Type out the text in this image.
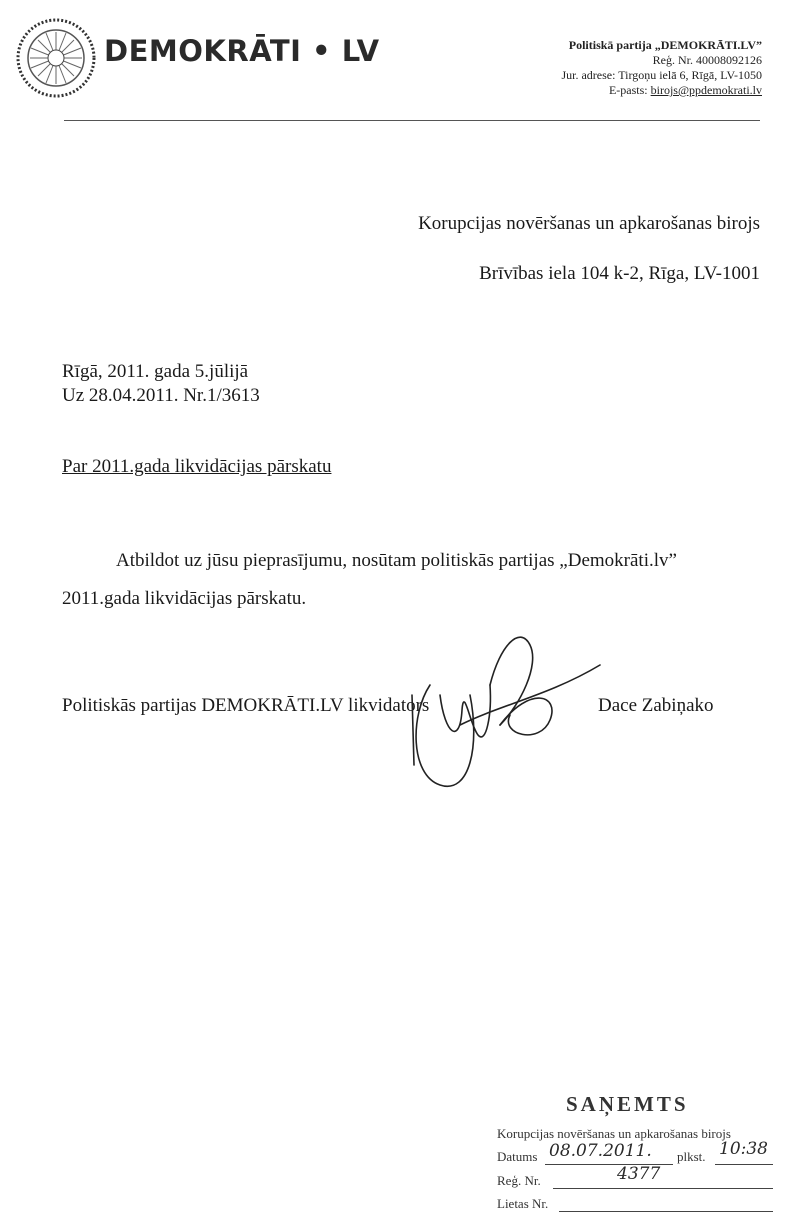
DEMOKRĀTI • LV	Politiskā partija „DEMOKRĀTI.LV”
Reģ. Nr. 40008092126
Jur. adrese: Tirgoņu ielā 6, Rīgā, LV-1050
E-pasts: birojs@ppdemokrati.lv
Korupcijas novēršanas un apkarošanas birojs
Brīvības iela 104 k-2, Rīga, LV-1001
Rīgā, 2011. gada 5.jūlijā
Uz 28.04.2011. Nr.1/3613
Par 2011.gada likvidācijas pārskatu
Atbildot uz jūsu pieprasījumu, nosūtam politiskās partijas „Demokrāti.lv”
2011.gada likvidācijas pārskatu.
Politiskās partijas DEMOKRĀTI.LV likvidators	Dace Zabiņako
SAŅEMTS
Korupcijas novēršanas un apkarošanas birojs
Datums 08.07.2011. plkst. 10:38
Reģ. Nr.	4377
Lietas Nr.
